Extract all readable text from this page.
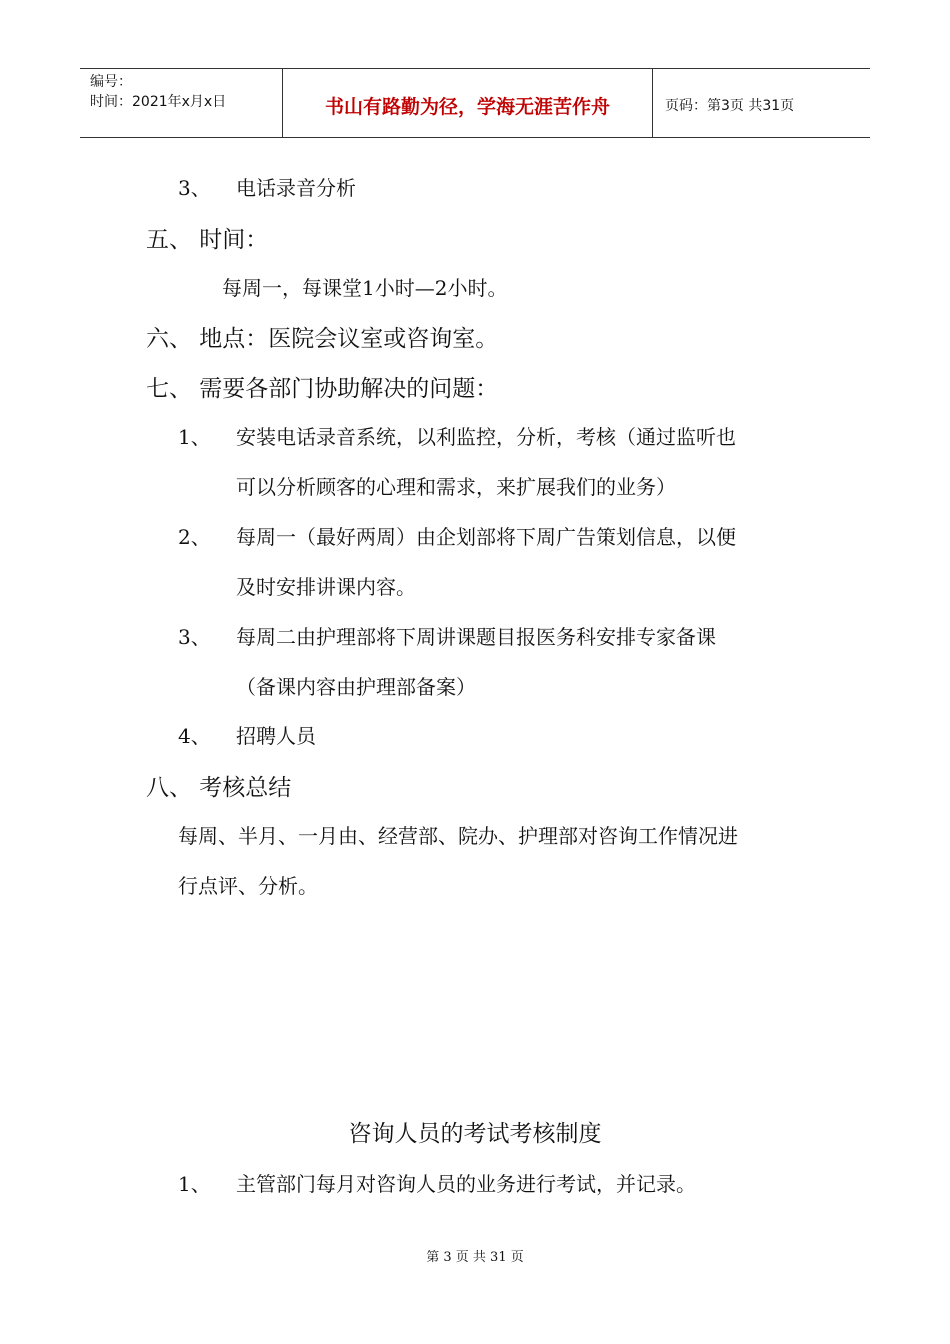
编号：
时间：2021年x月x日	书山有路勤为径，学海无涯苦作舟	页码：第3页 共31页
3、 电话录音分析
五、 时间：
每周一，每课堂1小时—2小时。
六、 地点：医院会议室或咨询室。
七、 需要各部门协助解决的问题：
1、 安装电话录音系统，以利监控，分析，考核（通过监听也
可以分析顾客的心理和需求，来扩展我们的业务）
2、 每周一（最好两周）由企划部将下周广告策划信息，以便
及时安排讲课内容。
3、 每周二由护理部将下周讲课题目报医务科安排专家备课
（备课内容由护理部备案）
4、 招聘人员
八、 考核总结
每周、半月、一月由、经营部、院办、护理部对咨询工作情况进
行点评、分析。
咨询人员的考试考核制度
1、 主管部门每月对咨询人员的业务进行考试，并记录。
第 3 页 共 31 页
